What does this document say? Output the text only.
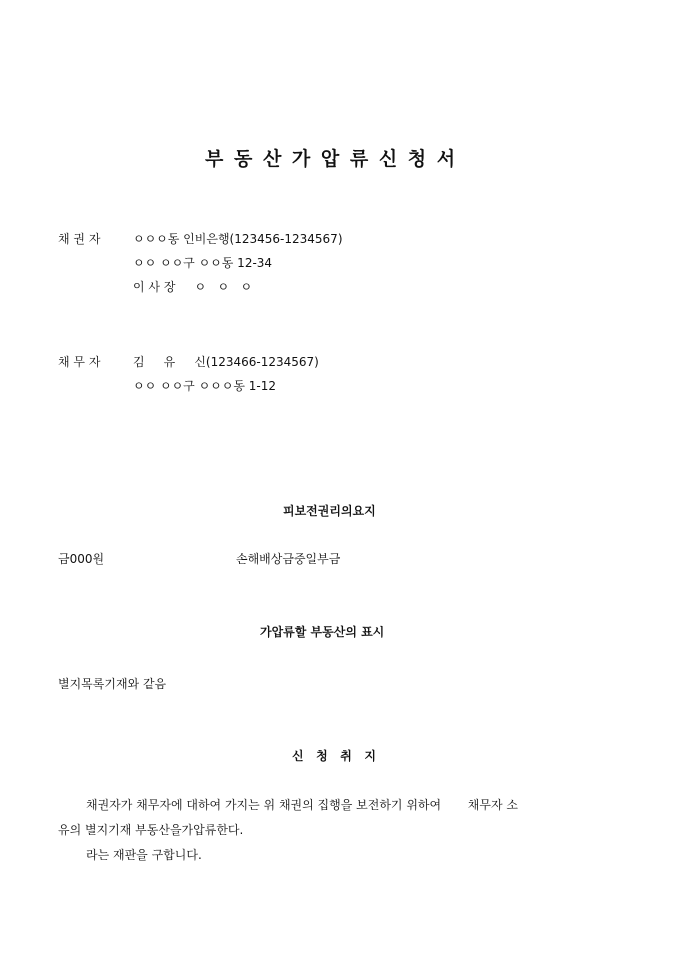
부 동 산 가 압 류 신 청 서
채 권 자	ㅇㅇㅇ동 인비은행(123456-1234567)
ㅇㅇ ㅇㅇ구 ㅇㅇ동 12-34
이 사 장     ㅇ   ㅇ   ㅇ
채 무 자	김     유     신(123466-1234567)
ㅇㅇ ㅇㅇ구 ㅇㅇㅇ동 1-12
피보전권리의요지
금000원	손해배상금중일부금
가압류할 부동산의 표시
별지목록기재와 같음
신   청   취   지
채권자가 채무자에 대하여 가지는 위 채권의 집행을 보전하기 위하여       채무자 소
유의 별지기재 부동산을가압류한다.
라는 재판을 구합니다.
